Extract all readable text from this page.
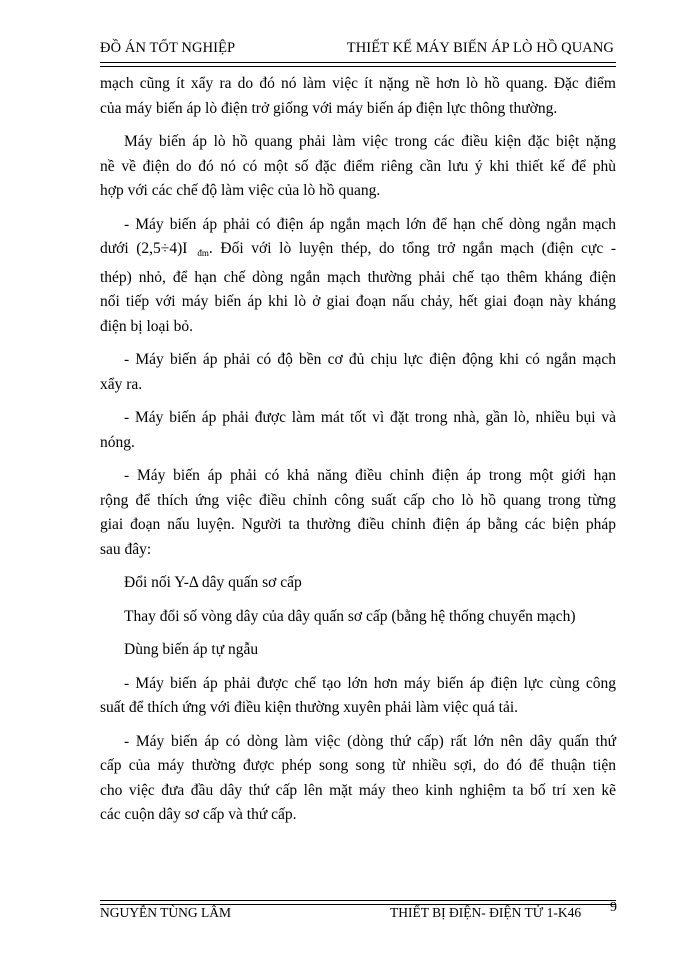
ĐỒ ÁN TỐT NGHIỆP	THIẾT KẾ MÁY BIẾN ÁP LÒ HỒ QUANG

mạch cũng ít xẩy ra do đó nó làm việc ít nặng nề hơn lò hồ quang. Đặc điểm
của máy biến áp lò điện trở giống với máy biến áp điện lực thông thường.

Máy biến áp lò hồ quang phải làm việc trong các điều kiện đặc biệt nặng
nề về điện do đó nó có một số đặc điểm riêng cần lưu ý khi thiết kế để phù
hợp với các chế độ làm việc của lò hồ quang.

- Máy biến áp phải có điện áp ngắn mạch lớn để hạn chế dòng ngắn mạch
dưới (2,5÷4)I $_{đm}$. Đối với lò luyện thép, do tổng trở ngắn mạch (điện cực -
thép) nhỏ, để hạn chế dòng ngắn mạch thường phải chế tạo thêm kháng điện
nối tiếp với máy biến áp khi lò ở giai đoạn nấu chảy, hết giai đoạn này kháng
điện bị loại bỏ.

- Máy biến áp phải có độ bền cơ đủ chịu lực điện động khi có ngắn mạch
xẩy ra.

- Máy biến áp phải được làm mát tốt vì đặt trong nhà, gần lò, nhiều bụi và
nóng.

- Máy biến áp phải có khả năng điều chỉnh điện áp trong một giới hạn
rộng để thích ứng việc điều chỉnh công suất cấp cho lò hồ quang trong từng
giai đoạn nấu luyện. Người ta thường điều chỉnh điện áp bằng các biện pháp
sau đây:

Đổi nối Y-Δ dây quấn sơ cấp

Thay đổi số vòng dây của dây quấn sơ cấp (bằng hệ thống chuyển mạch)

Dùng biến áp tự ngẫu

- Máy biến áp phải được chế tạo lớn hơn máy biến áp điện lực cùng công
suất để thích ứng với điều kiện thường xuyên phải làm việc quá tải.

- Máy biến áp có dòng làm việc (dòng thứ cấp) rất lớn nên dây quấn thứ
cấp của máy thường được phép song song từ nhiều sợi, do đó để thuận tiện
cho việc đưa đầu dây thứ cấp lên mặt máy theo kinh nghiệm ta bố trí xen kẽ
các cuộn dây sơ cấp và thứ cấp.

NGUYỄN TÙNG LÂM	THIẾT BỊ ĐIỆN- ĐIỆN TỬ 1-K46 9
